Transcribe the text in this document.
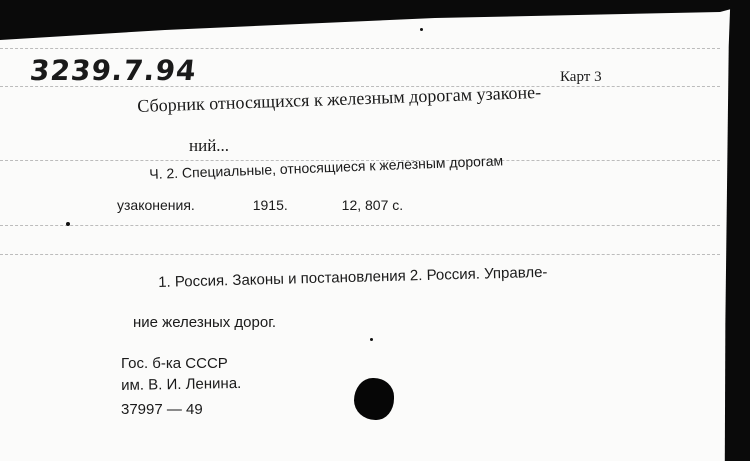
3239.7.94	Карт 3
Сборник относящихся к железным дорогам узаконе-
ний...
Ч. 2. Специальные, относящиеся к железным дорогам
узаконения.	1915.	12, 807 с.
1. Россия. Законы и постановления 2. Россия. Управле-
ние железных дорог.
Гос. б-ка СССР
им. В. И. Ленина.
37997 — 49
